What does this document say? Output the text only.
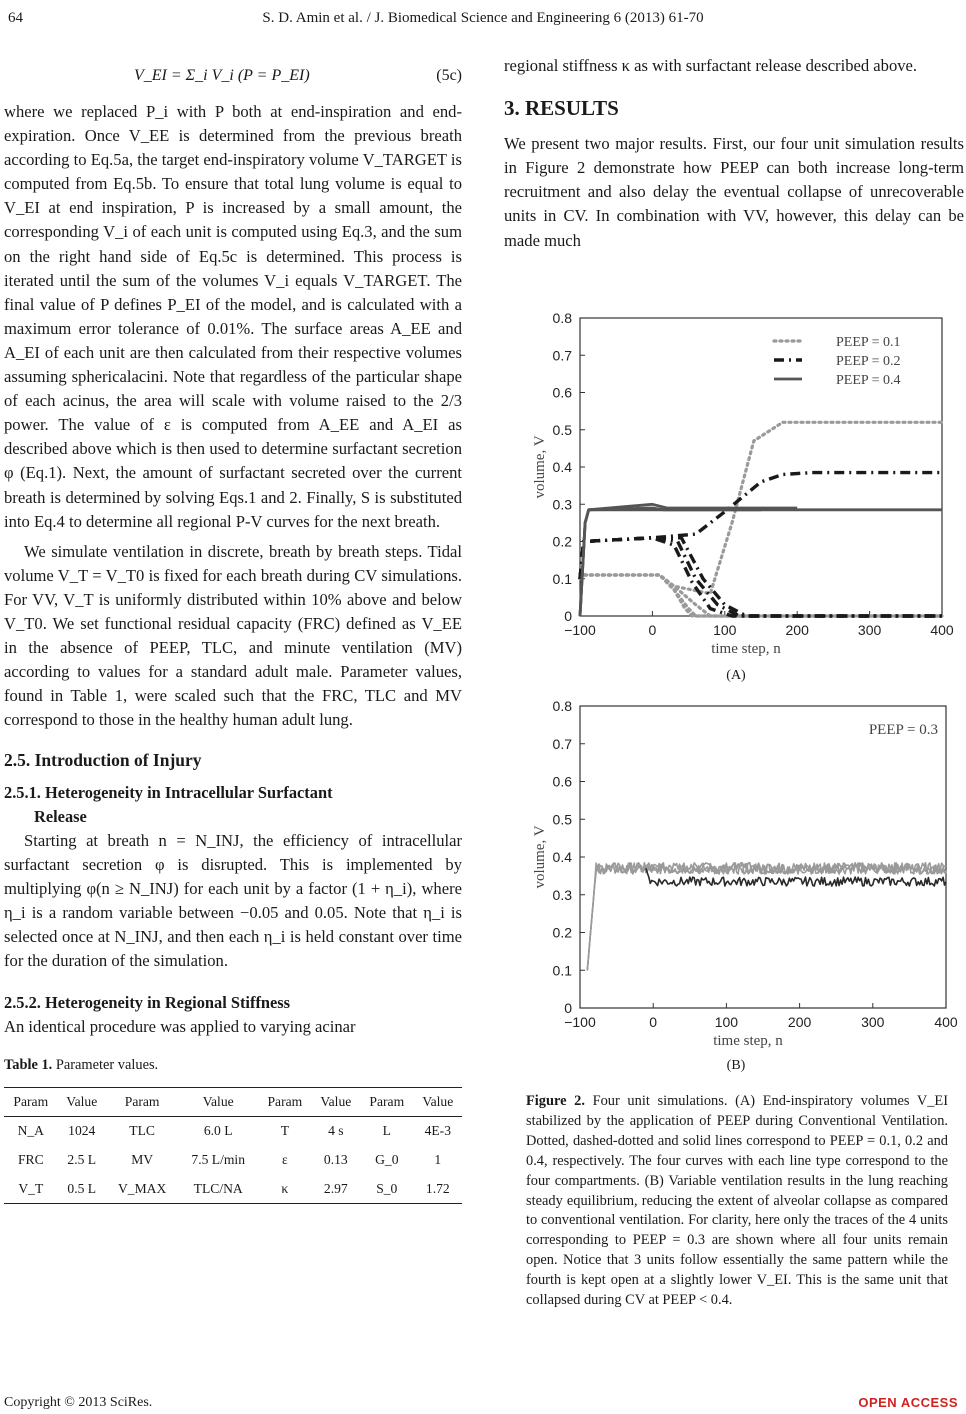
64	S. D. Amin et al. / J. Biomedical Science and Engineering 6 (2013) 61-70
V_EI = Σ_i V_i (P = P_EI)	(5c)

where we replaced P_i with P both at end-inspiration and end-expiration. Once V_EE is determined from the previous breath according to Eq.5a, the target end-inspiratory volume V_TARGET is computed from Eq.5b. To ensure that total lung volume is equal to V_EI at end inspiration, P is increased by a small amount, the corresponding V_i of each unit is computed using Eq.3, and the sum on the right hand side of Eq.5c is determined. This process is iterated until the sum of the volumes V_i equals V_TARGET. The final value of P defines P_EI of the model, and is calculated with a maximum error tolerance of 0.01%. The surface areas A_EE and A_EI of each unit are then calculated from their respective volumes assuming sphericalacini. Note that regardless of the particular shape of each acinus, the area will scale with volume raised to the 2/3 power. The value of ε is computed from A_EE and A_EI as described above which is then used to determine surfactant secretion φ (Eq.1). Next, the amount of surfactant secreted over the current breath is determined by solving Eqs.1 and 2. Finally, S is substituted into Eq.4 to determine all regional P-V curves for the next breath.

We simulate ventilation in discrete, breath by breath steps. Tidal volume V_T = V_T0 is fixed for each breath during CV simulations. For VV, V_T is uniformly distributed within 10% above and below V_T0. We set functional residual capacity (FRC) defined as V_EE in the absence of PEEP, TLC, and minute ventilation (MV) according to values for a standard adult male. Parameter values, found in Table 1, were scaled such that the FRC, TLC and MV correspond to those in the healthy human adult lung.

2.5. Introduction of Injury
2.5.1. Heterogeneity in Intracellular Surfactant
Release

Starting at breath n = N_INJ, the efficiency of intracellular surfactant secretion φ is disrupted. This is implemented by multiplying φ(n ≥ N_INJ) for each unit by a factor (1 + η_i), where η_i is a random variable between −0.05 and 0.05. Note that η_i is selected once at N_INJ, and then each η_i is held constant over time for the duration of the simulation.

2.5.2. Heterogeneity in Regional Stiffness

An identical procedure was applied to varying acinar

Table 1. Parameter values.
Param	Value	Param	Value	Param	Value	Param	Value
N_A	1024	TLC	6.0 L	T	4 s	L	4E-3
FRC	2.5 L	MV	7.5 L/min	ε	0.13	G_0	1
V_T	0.5 L	V_MAX	TLC/NA	κ	2.97	S_0	1.72

regional stiffness κ as with surfactant release described above.

3. RESULTS

We present two major results. First, our four unit simulation results in Figure 2 demonstrate how PEEP can both increase long-term recruitment and also delay the eventual collapse of unrecoverable units in CV. In combination with VV, however, this delay can be made much

−100	0	100	200	300	400
0
0.1
0.2
0.3
0.4
0.5
0.6
0.7
0.8
time step, n
volume, V
PEEP = 0.1
PEEP = 0.2
PEEP = 0.4
(A)
−100	0	100	200	300	400
0
0.1
0.2
0.3
0.4
0.5
0.6
0.7
0.8
time step, n
volume, V
PEEP = 0.3
(B)
Figure 2. Four unit simulations. (A) End-inspiratory volumes V_EI stabilized by the application of PEEP during Conventional Ventilation. Dotted, dashed-dotted and solid lines correspond to PEEP = 0.1, 0.2 and 0.4, respectively. The four curves with each line type correspond to the four compartments. (B) Variable ventilation results in the lung reaching steady equilibrium, reducing the extent of alveolar collapse as compared to conventional ventilation. For clarity, here only the traces of the 4 units corresponding to PEEP = 0.3 are shown where all four units remain open. Notice that 3 units follow essentially the same pattern while the fourth is kept open at a slightly lower V_EI. This is the same unit that collapsed during CV at PEEP < 0.4.
Copyright © 2013 SciRes.	OPEN ACCESS
